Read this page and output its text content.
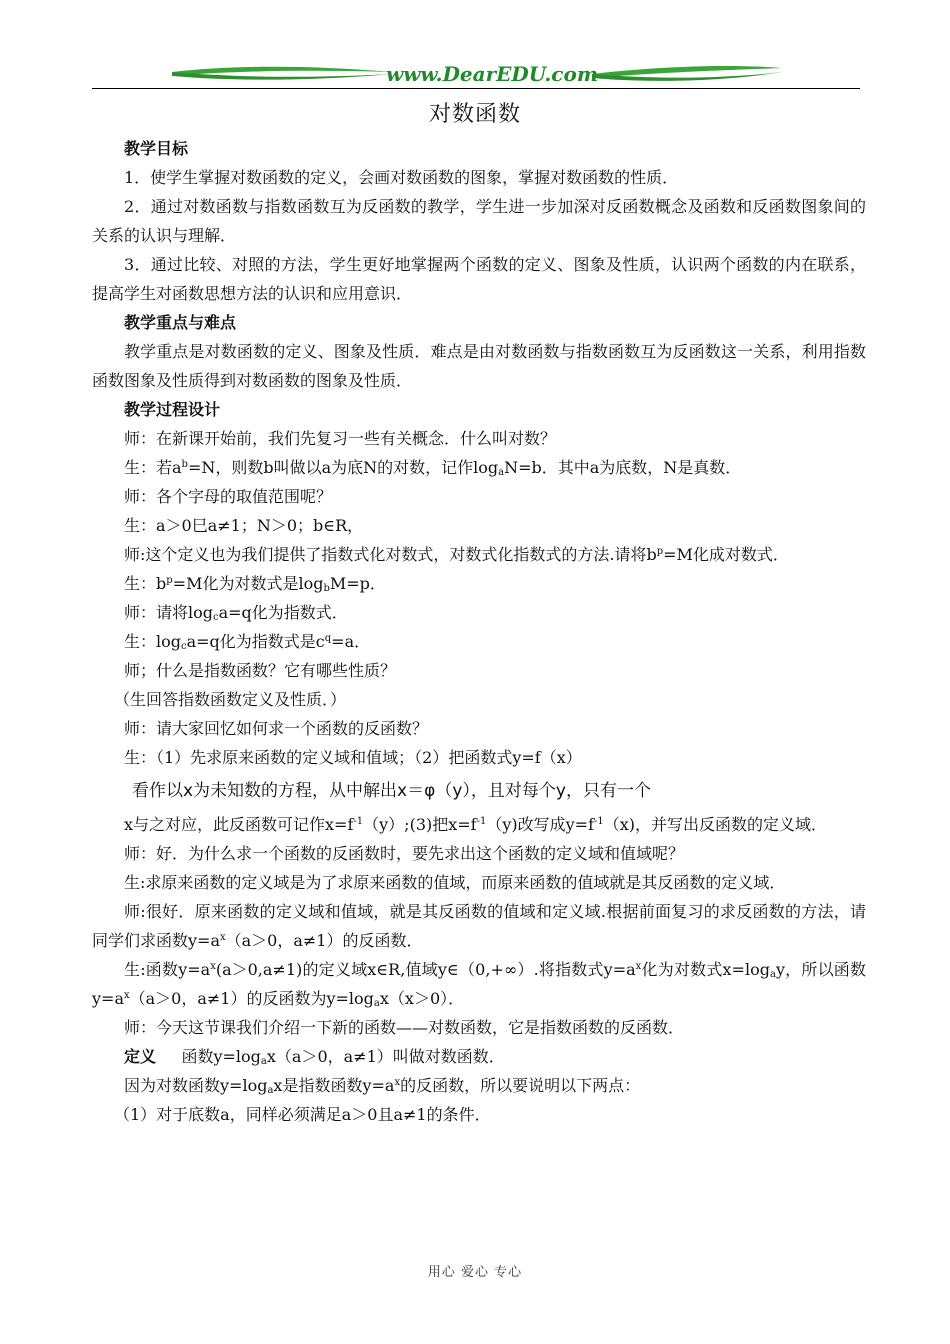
www.DearEDU.com
对数函数

教学目标

1．使学生掌握对数函数的定义，会画对数函数的图象，掌握对数函数的性质．

2．通过对数函数与指数函数互为反函数的教学，学生进一步加深对反函数概念及函数和反函数图象间的关系的认识与理解．

3．通过比较、对照的方法，学生更好地掌握两个函数的定义、图象及性质，认识两个函数的内在联系，提高学生对函数思想方法的认识和应用意识．

教学重点与难点

教学重点是对数函数的定义、图象及性质．难点是由对数函数与指数函数互为反函数这一关系，利用指数函数图象及性质得到对数函数的图象及性质．

教学过程设计

师：在新课开始前，我们先复习一些有关概念．什么叫对数？

生：若$a^b=N$，则数b叫做以a为底N的对数，记作$\log_aN=b$．其中a为底数，N是真数．

师：各个字母的取值范围呢？

生：a＞0巳a≠1；N＞0；b∈R，

师:这个定义也为我们提供了指数式化对数式，对数式化指数式的方法.请将$b^p=M$化成对数式．

生：$b^p=M$化为对数式是$\log_bM=p$．

师：请将$\log_ca=q$化为指数式．

生：$\log_ca=q$化为指数式是$c^q=a$．

师；什么是指数函数？它有哪些性质？

（生回答指数函数定义及性质．）

师：请大家回忆如何求一个函数的反函数？

生：（1）先求原来函数的定义域和值域；（2）把函数式y=f（x）

看作以x为未知数的方程，从中解出x＝φ（y），且对每个y，只有一个

x与之对应，此反函数可记作$x=f^{-1}(y);(3)$把$x=f^{-1}(y)$改写成$y=f^{-1}(x)$，并写出反函数的定义域．

师：好．为什么求一个函数的反函数时，要先求出这个函数的定义域和值域呢？

生:求原来函数的定义域是为了求原来函数的值域，而原来函数的值域就是其反函数的定义域．

师:很好．原来函数的定义域和值域，就是其反函数的值域和定义域.根据前面复习的求反函数的方法，请同学们求函数$y=a^x(a>0$，a≠1）的反函数．

生:函数$y=a^x(a>0,a\ne 1)$的定义域x∈R,值域y∈（0,+∞）.将指数式$y=a^x$化为对数式$x=\log_ay$，所以函数$y=a^x(a>0$，a≠1）的反函数为$y=\log_ax(x>0)$．

师：今天这节课我们介绍一下新的函数——对数函数，它是指数函数的反函数．

定义 函数$y=\log_ax(a>0$，a≠1）叫做对数函数．

因为对数函数$y=\log_ax$是指数函数$y=a^x$的反函数，所以要说明以下两点：

（1）对于底数a，同样必须满足a＞0且a≠1的条件．

用心 爱心 专心
